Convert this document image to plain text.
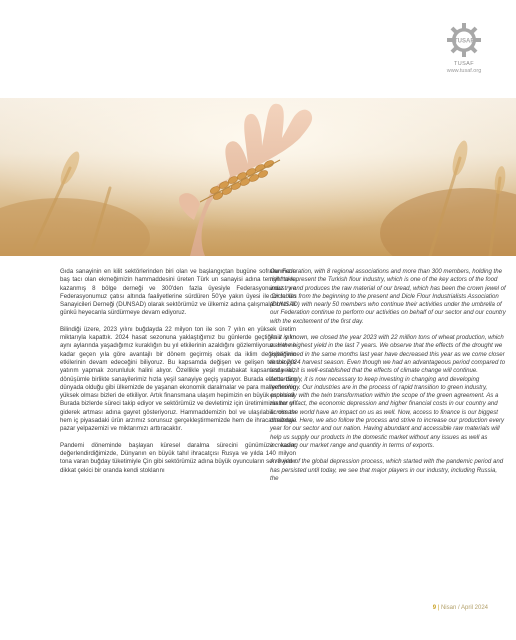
TUSAF
TUSAF
www.tusaf.org

Gıda sanayinin en kilit sektörlerinden biri olan ve başlangıçtan bugüne sofralarımızın baş tacı olan ekmeğimizin hammaddesini üreten Türk un sanayisi adına temsil hakkı kazanmış 8 bölge derneği ve 300'den fazla üyesiyle Federasyonumuz ve Federasyonumuz çatısı altında faaliyetlerine sürdüren 50'ye yakın üyesi ile Dicle Un Sanayicileri Derneği (DUNSAD) olarak sektörümüz ve ülkemiz adına çalışmalarımızı ilk günkü heyecanla sürdürmeye devam ediyoruz.

Bilindiği üzere, 2023 yılını buğdayda 22 milyon ton ile son 7 yılın en yüksek üretim miktarıyla kapattık. 2024 hasat sezonuna yaklaştığımız bu günlerde geçtiğimiz yılın aynı aylarında yaşadığımız kuraklığın bu yıl etkilerinin azaldığını gözlemliyoruz. Her ne kadar geçen yıla göre avantajlı bir dönem geçirmiş olsak da iklim değişikliğinin etkilerinin devam edeceğini biliyoruz. Bu kapsamda değişen ve gelişen teknolojiye yatırım yapmak zorunluluk halini alıyor. Özellikle yeşil mutabakat kapsamında ikiz dönüşümle birlikte sanayilerimiz hızla yeşil sanayiye geçiş yapıyor. Burada elbette tüm dünyada olduğu gibi ülkemizde de yaşanan ekonomik daralmalar ve para maliyetlerinin yüksek olması bizleri de etkiliyor. Artık finansmana ulaşım hepimizin en büyük problemi. Burada bizlerde süreci takip ediyor ve sektörümüz ve devletimiz için üretimimizin her yıl giderek artması adına gayret gösteriyoruz. Hammaddemizin bol ve ulaşılabilir olması hem iç piyasadaki ürün arzımız sorunsuz gerçekleştirmemizde hem de ihracatımızdaki pazar yelpazemizi ve miktarımızı arttıracaktır.

Pandemi döneminde başlayan küresel daralma sürecini günümüze kadar değerlendirdiğimizde, Dünyanın en büyük tahıl ihracatçısı Rusya ve yılda 140 milyon tona varan buğday tüketimiyle Çin gibi sektörümüz adına büyük oyuncuların son 3 yıldır dikkat çekici bir oranda kendi stoklarını

Our Federation, with 8 regional associations and more than 300 members, holding the right to represent the Turkish flour industry, which is one of the key actors of the food industry and produces the raw material of our bread, which has been the crown jewel of our tables from the beginning to the present and Dicle Flour Industrialists Association (DUNSAD) with nearly 50 members who continue their activities under the umbrella of our Federation continue to perform our activities on behalf of our sector and our country with the excitement of the first day.

As it is known, we closed the year 2023 with 22 million tons of wheat production, which was the highest yield in the last 7 years. We observe that the effects of the drought we experienced in the same months last year have decreased this year as we come closer to the 2024 harvest season. Even though we had an advantageous period compared to last year, it is well-established that the effects of climate change will continue. Accordingly, it is now necessary to keep investing in changing and developing technology. Our industries are in the process of rapid transition to green industry, especially with the twin transformation within the scope of the green agreement. As a matter of fact, the economic depression and higher financial costs in our country and across the world have an impact on us as well. Now, access to finance is our biggest challenge. Here, we also follow the process and strive to increase our production every year for our sector and our nation. Having abundant and accessible raw materials will help us supply our products in the domestic market without any issues as well as increasing our market range and quantity in terms of exports.

A review of the global depression process, which started with the pandemic period and has persisted until today, we see that major players in our industry, including Russia, the

9 | Nisan / April 2024
